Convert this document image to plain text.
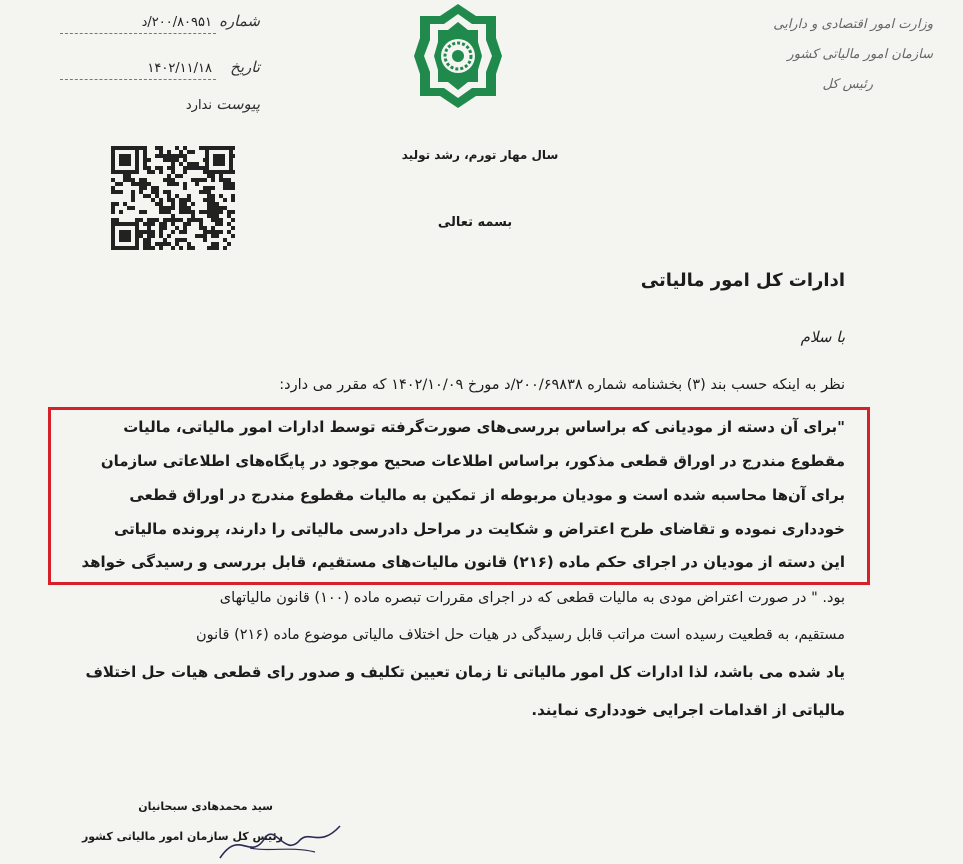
شماره
۲۰۰/۸۰۹۵۱/د
تاریخ
۱۴۰۲/۱۱/۱۸
پیوست
ندارد
وزارت امور اقتصادی و دارایی
سازمان امور مالیاتی کشور
رئیس کل
سال مهار تورم، رشد تولید
بسمه تعالی
ادارات کل امور مالیاتی
با سلام
نظر به اینکه حسب بند (۳) بخشنامه شماره ۲۰۰/۶۹۸۳۸/د مورخ ۱۴۰۲/۱۰/۰۹ که مقرر می دارد:
"برای آن دسته از مودیانی که براساس بررسی‌های صورت‌گرفته توسط ادارات امور مالیاتی، مالیات
مقطوع مندرج در اوراق قطعی مذکور، براساس اطلاعات صحیح موجود در پایگاه‌های اطلاعاتی سازمان
برای آن‌ها محاسبه شده است و مودیان مربوطه از تمکین به مالیات مقطوع مندرج در اوراق قطعی
خودداری نموده و تقاضای طرح اعتراض و شکایت در مراحل دادرسی مالیاتی را دارند، پرونده مالیاتی
این دسته از مودیان در اجرای حکم ماده (۲۱۶) قانون مالیات‌های مستقیم، قابل بررسی و رسیدگی خواهد
بود. " در صورت اعتراض مودی به مالیات قطعی که در اجرای مقررات تبصره ماده (۱۰۰) قانون مالیاتهای
مستقیم، به قطعیت رسیده است مراتب قابل رسیدگی در هیات حل اختلاف مالیاتی موضوع ماده (۲۱۶) قانون
یاد شده می باشد، لذا ادارات کل امور مالیاتی تا زمان تعیین تکلیف و صدور رای قطعی هیات حل اختلاف
مالیاتی از اقدامات اجرایی خودداری نمایند.
سید محمدهادی سبحانیان
رئیس کل سازمان امور مالیاتی کشور
